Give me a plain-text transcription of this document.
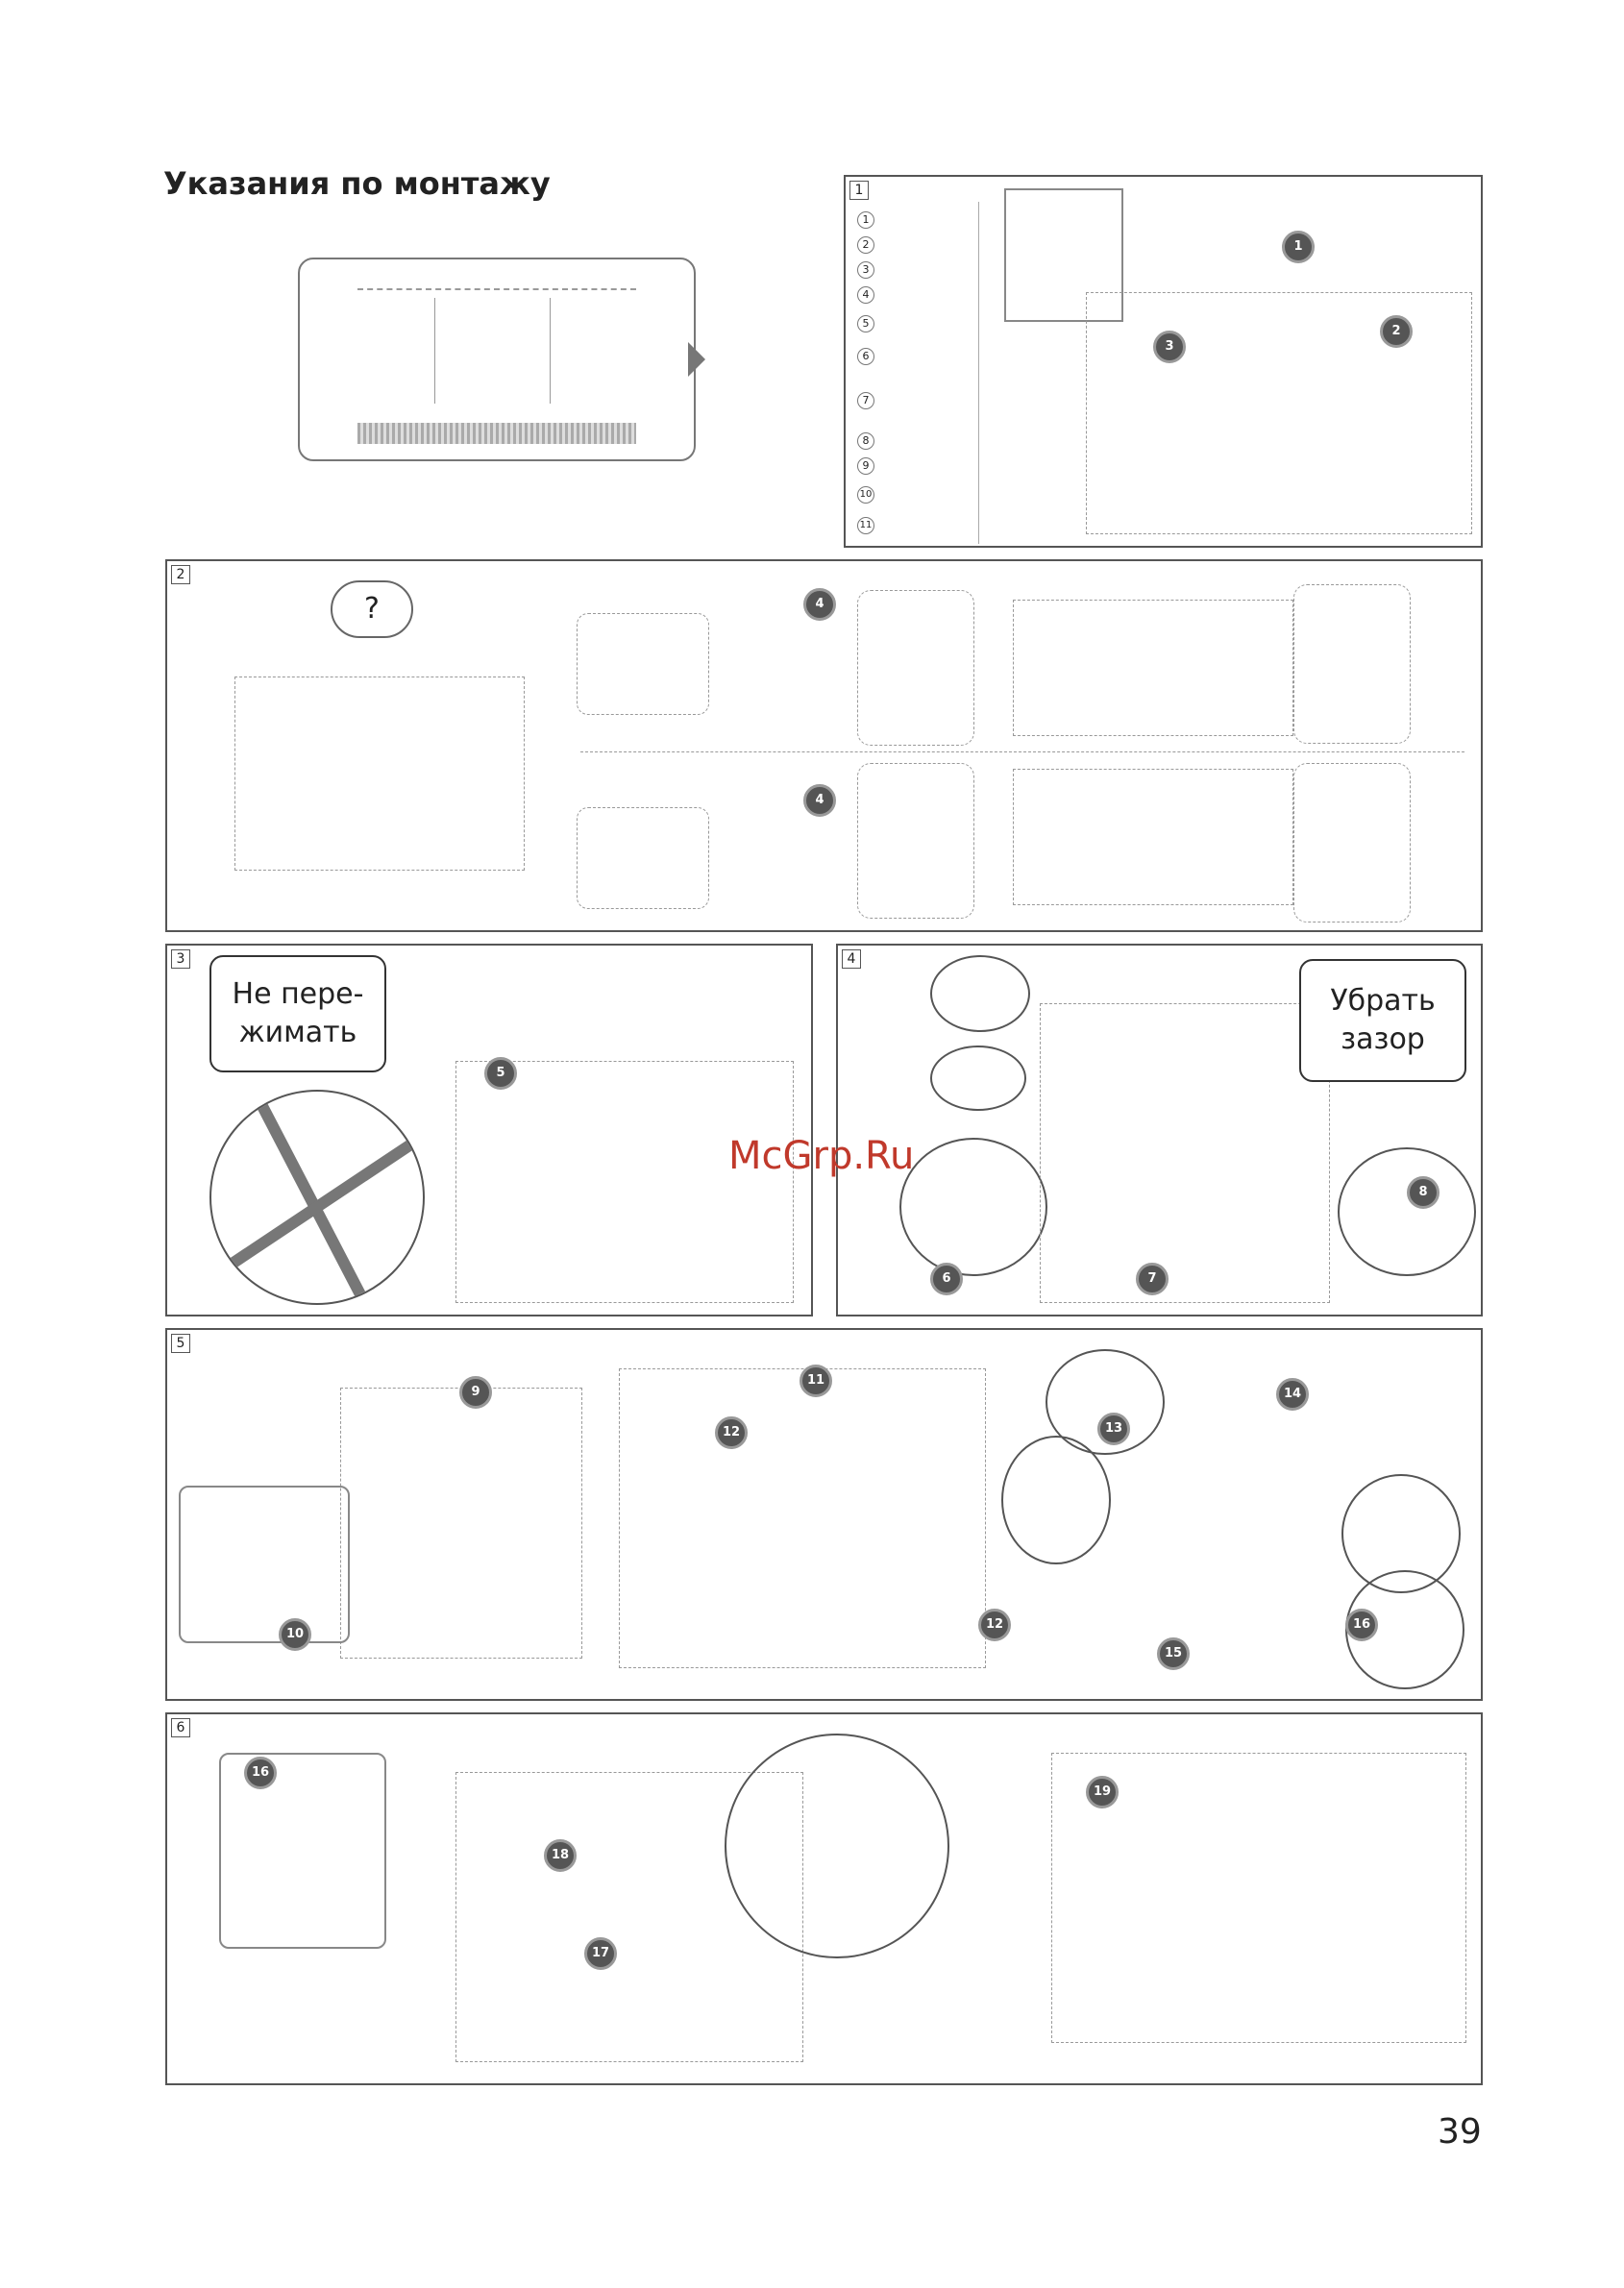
Указания по монтажу	1
1
2
3
4
5
6
7
8
9
10
11
1
2
3
2
?	4
4
3
Не пере-
жимать
5
4
Убрать
зазор
6	7
8
McGrp.Ru
5
9
10
11
12
12
13
14
15
16
6
16
17
18
19
39
